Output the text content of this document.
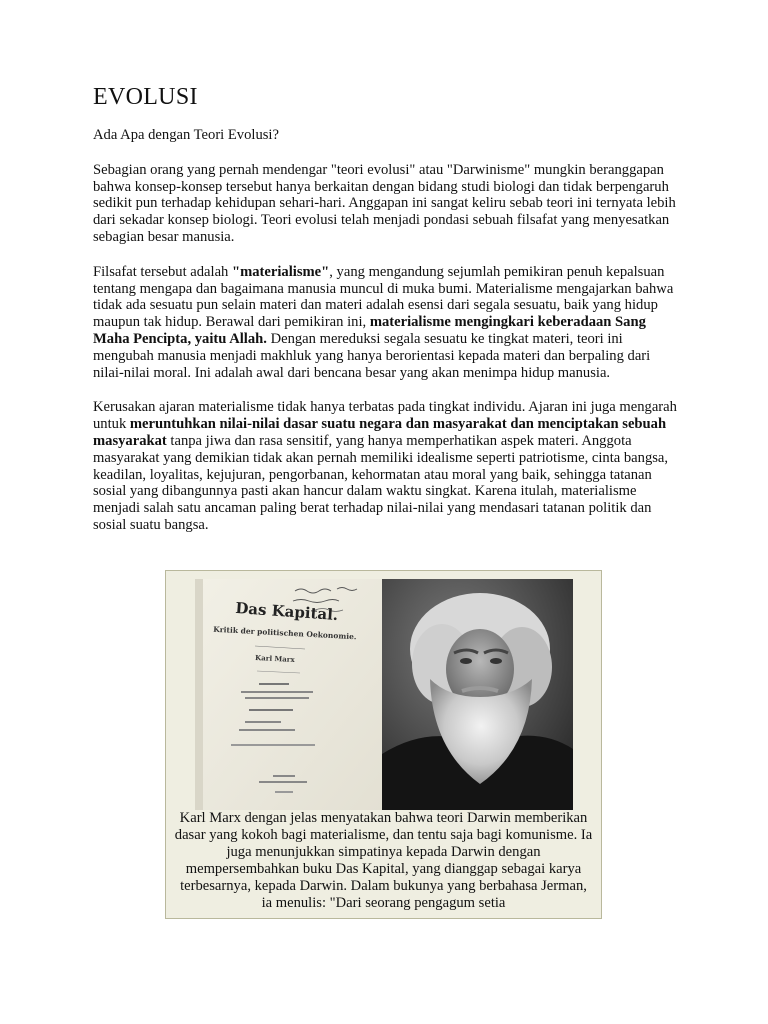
EVOLUSI

Ada Apa dengan Teori Evolusi?

Sebagian orang yang pernah mendengar "teori evolusi" atau "Darwinisme" mungkin beranggapan bahwa konsep-konsep tersebut hanya berkaitan dengan bidang studi biologi dan tidak berpengaruh sedikit pun terhadap kehidupan sehari-hari. Anggapan ini sangat keliru sebab teori ini ternyata lebih dari sekadar konsep biologi. Teori evolusi telah menjadi pondasi sebuah filsafat yang menyesatkan sebagian besar manusia.

Filsafat tersebut adalah "materialisme", yang mengandung sejumlah pemikiran penuh kepalsuan tentang mengapa dan bagaimana manusia muncul di muka bumi. Materialisme mengajarkan bahwa tidak ada sesuatu pun selain materi dan materi adalah esensi dari segala sesuatu, baik yang hidup maupun tak hidup. Berawal dari pemikiran ini, materialisme mengingkari keberadaan Sang Maha Pencipta, yaitu Allah. Dengan mereduksi segala sesuatu ke tingkat materi, teori ini mengubah manusia menjadi makhluk yang hanya berorientasi kepada materi dan berpaling dari nilai-nilai moral. Ini adalah awal dari bencana besar yang akan menimpa hidup manusia.

Kerusakan ajaran materialisme tidak hanya terbatas pada tingkat individu. Ajaran ini juga mengarah untuk meruntuhkan nilai-nilai dasar suatu negara dan masyarakat dan menciptakan sebuah masyarakat tanpa jiwa dan rasa sensitif, yang hanya memperhatikan aspek materi. Anggota masyarakat yang demikian tidak akan pernah memiliki idealisme seperti patriotisme, cinta bangsa, keadilan, loyalitas, kejujuran, pengorbanan, kehormatan atau moral yang baik, sehingga tatanan sosial yang dibangunnya pasti akan hancur dalam waktu singkat. Karena itulah, materialisme menjadi salah satu ancaman paling berat terhadap nilai-nilai yang mendasari tatanan politik dan sosial suatu bangsa.

Das Kapital.
Kritik der politischen Oekonomie.
Karl Marx
Karl Marx dengan jelas menyatakan bahwa teori Darwin memberikan dasar yang kokoh bagi materialisme, dan tentu saja bagi komunisme. Ia juga menunjukkan simpatinya kepada Darwin dengan mempersembahkan buku Das Kapital, yang dianggap sebagai karya terbesarnya, kepada Darwin. Dalam bukunya yang berbahasa Jerman, ia menulis: "Dari seorang pengagum setia
